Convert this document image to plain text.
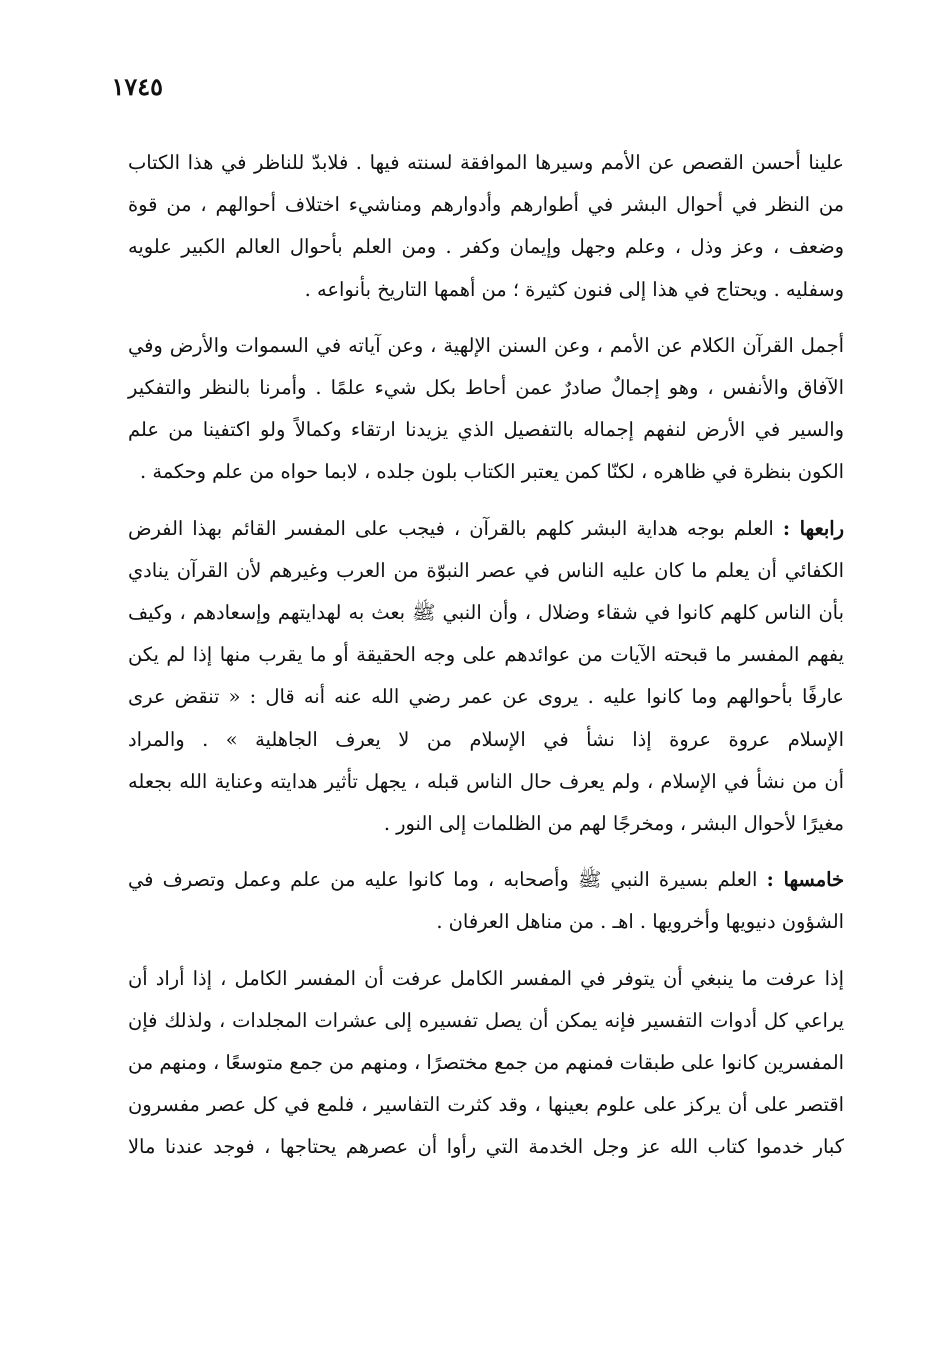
١٧٤٥

علينا أحسن القصص عن الأمم وسيرها الموافقة لسنته فيها . فلابدّ للناظر في هذا الكتاب
من النظر في أحوال البشر في أطوارهم وأدوارهم ومناشيء اختلاف أحوالهم ، من قوة
وضعف ، وعز وذل ، وعلم وجهل وإيمان وكفر . ومن العلم بأحوال العالم الكبير علويه
وسفليه . ويحتاج في هذا إلى فنون كثيرة ؛ من أهمها التاريخ بأنواعه .

أجمل القرآن الكلام عن الأمم ، وعن السنن الإلهية ، وعن آياته في السموات والأرض وفي
الآفاق والأنفس ، وهو إجمالٌ صادرٌ عمن أحاط بكل شيء علمًا . وأمرنا بالنظر والتفكير
والسير في الأرض لنفهم إجماله بالتفصيل الذي يزيدنا ارتقاء وكمالاً ولو اكتفينا من علم
الكون بنظرة في ظاهره ، لكنّا كمن يعتبر الكتاب بلون جلده ، لابما حواه من علم وحكمة .

رابعها : العلم بوجه هداية البشر كلهم بالقرآن ، فيجب على المفسر القائم بهذا الفرض
الكفائي أن يعلم ما كان عليه الناس في عصر النبوّة من العرب وغيرهم لأن القرآن ينادي
بأن الناس كلهم كانوا في شقاء وضلال ، وأن النبي ﷺ بعث به لهدايتهم وإسعادهم ، وكيف
يفهم المفسر ما قبحته الآيات من عوائدهم على وجه الحقيقة أو ما يقرب منها إذا لم يكن
عارفًا بأحوالهم وما كانوا عليه . يروى عن عمر رضي الله عنه أنه قال : « تنقض عرى
الإسلام عروة عروة إذا نشأ في الإسلام من لا يعرف الجاهلية » . والمراد
أن من نشأ في الإسلام ، ولم يعرف حال الناس قبله ، يجهل تأثير هدايته وعناية الله بجعله
مغيرًا لأحوال البشر ، ومخرجًا لهم من الظلمات إلى النور .

خامسها : العلم بسيرة النبي ﷺ وأصحابه ، وما كانوا عليه من علم وعمل وتصرف في
الشؤون دنيويها وأخرويها . اهـ . من مناهل العرفان .

إذا عرفت ما ينبغي أن يتوفر في المفسر الكامل عرفت أن المفسر الكامل ، إذا أراد أن
يراعي كل أدوات التفسير فإنه يمكن أن يصل تفسيره إلى عشرات المجلدات ، ولذلك فإن
المفسرين كانوا على طبقات فمنهم من جمع مختصرًا ، ومنهم من جمع متوسعًا ، ومنهم من
اقتصر على أن يركز على علوم بعينها ، وقد كثرت التفاسير ، فلمع في كل عصر مفسرون
كبار خدموا كتاب الله عز وجل الخدمة التي رأوا أن عصرهم يحتاجها ، فوجد عندنا مالا
